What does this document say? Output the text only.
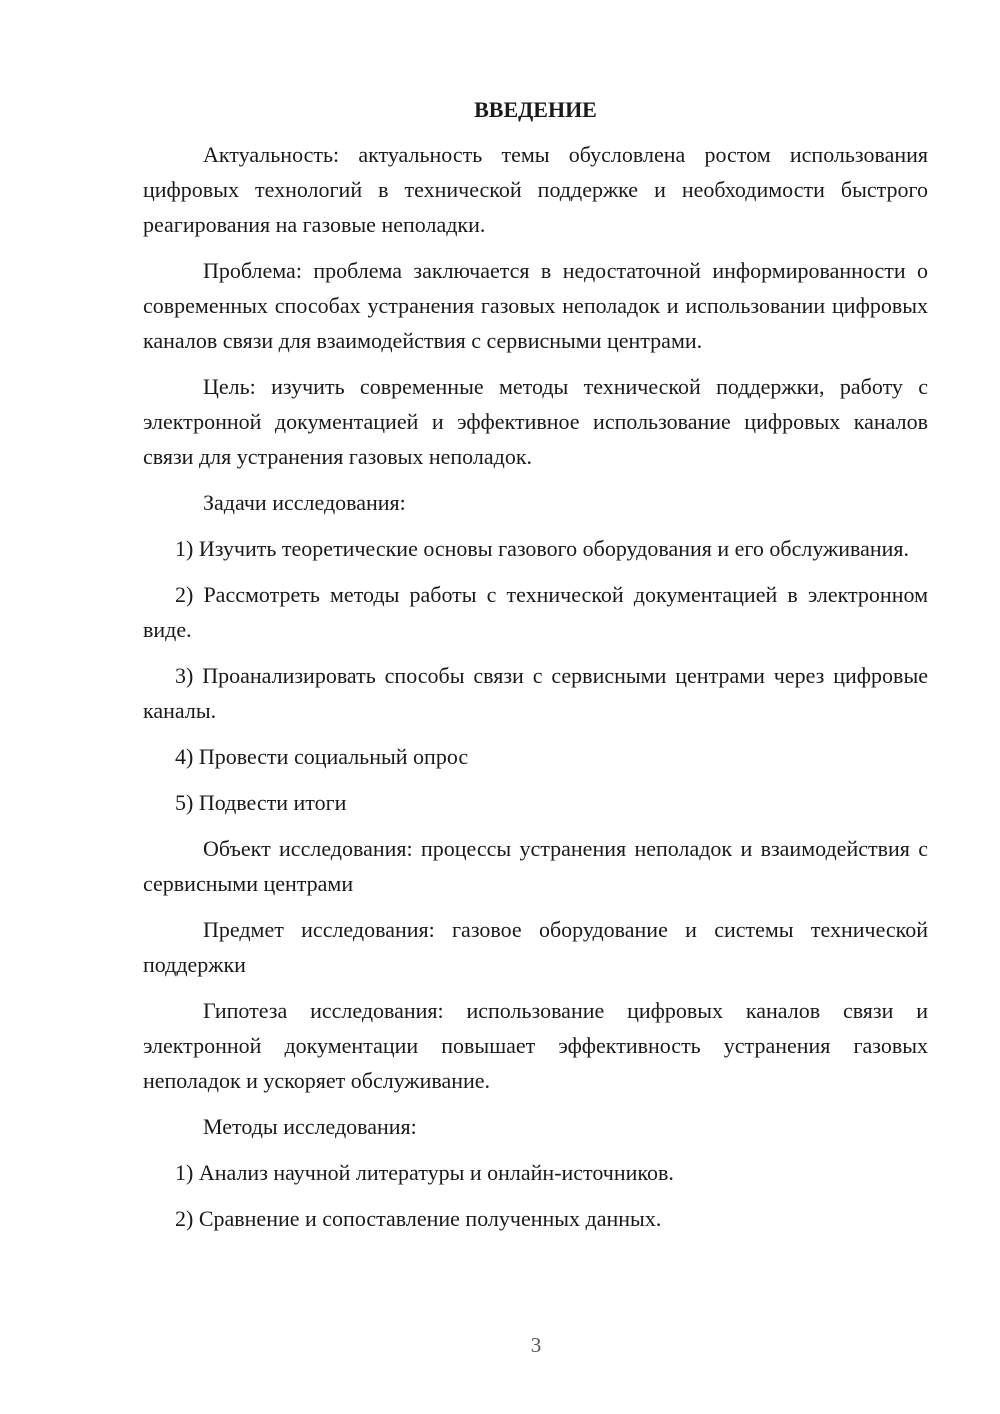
ВВЕДЕНИЕ

Актуальность: актуальность темы обусловлена ростом использования цифровых технологий в технической поддержке и необходимости быстрого реагирования на газовые неполадки.

Проблема: проблема заключается в недостаточной информированности о современных способах устранения газовых неполадок и использовании цифровых каналов связи для взаимодействия с сервисными центрами.

Цель: изучить современные методы технической поддержки, работу с электронной документацией и эффективное использование цифровых каналов связи для устранения газовых неполадок.

Задачи исследования:

1) Изучить теоретические основы газового оборудования и его обслуживания.

2) Рассмотреть методы работы с технической документацией в электронном виде.

3) Проанализировать способы связи с сервисными центрами через цифровые каналы.

4) Провести социальный опрос

5) Подвести итоги

Объект исследования: процессы устранения неполадок и взаимодействия с сервисными центрами

Предмет исследования: газовое оборудование и системы технической поддержки

Гипотеза исследования: использование цифровых каналов связи и электронной документации повышает эффективность устранения газовых неполадок и ускоряет обслуживание.

Методы исследования:

1) Анализ научной литературы и онлайн-источников.

2) Сравнение и сопоставление полученных данных.

3
